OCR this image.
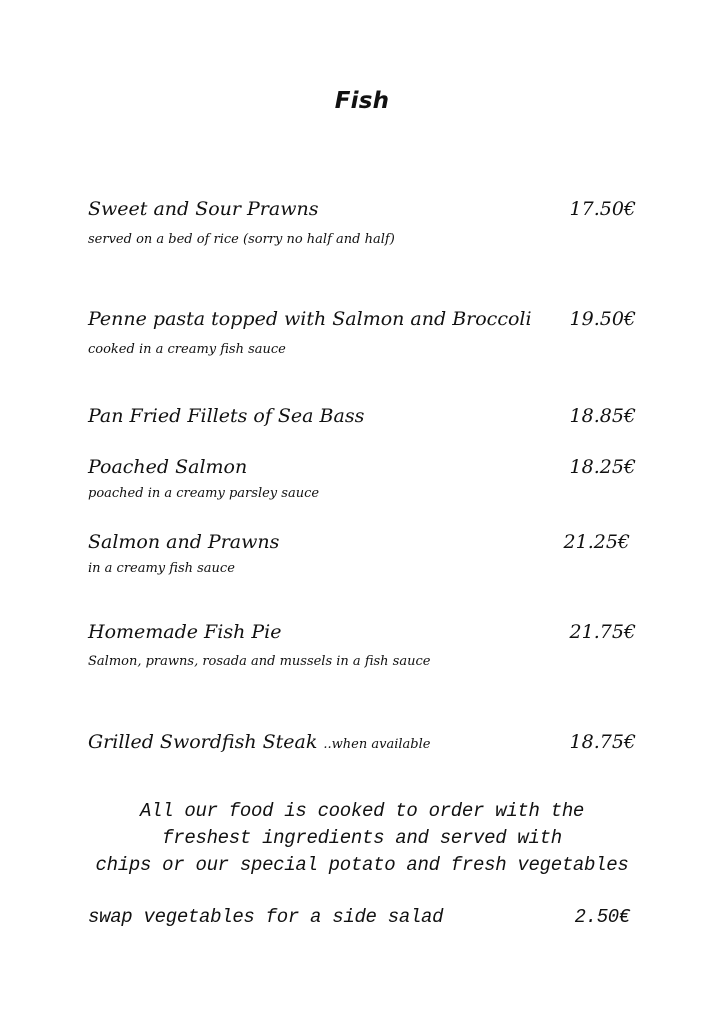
Fish
Sweet and Sour Prawns	17.50€
served on a bed of rice (sorry no half and half)
Penne pasta topped with Salmon and Broccoli 19.50€
cooked in a creamy fish sauce
Pan Fried Fillets of Sea Bass	18.85€
Poached Salmon	18.25€
poached in a creamy parsley sauce
Salmon and Prawns	21.25€
in a creamy fish sauce
Homemade Fish Pie	21.75€
Salmon, prawns, rosada and mussels in a fish sauce
Grilled Swordfish Steak ..when available	18.75€
All our food is cooked to order with the
freshest ingredients and served with
chips or our special potato and fresh vegetables
swap vegetables for a side salad	2.50€
